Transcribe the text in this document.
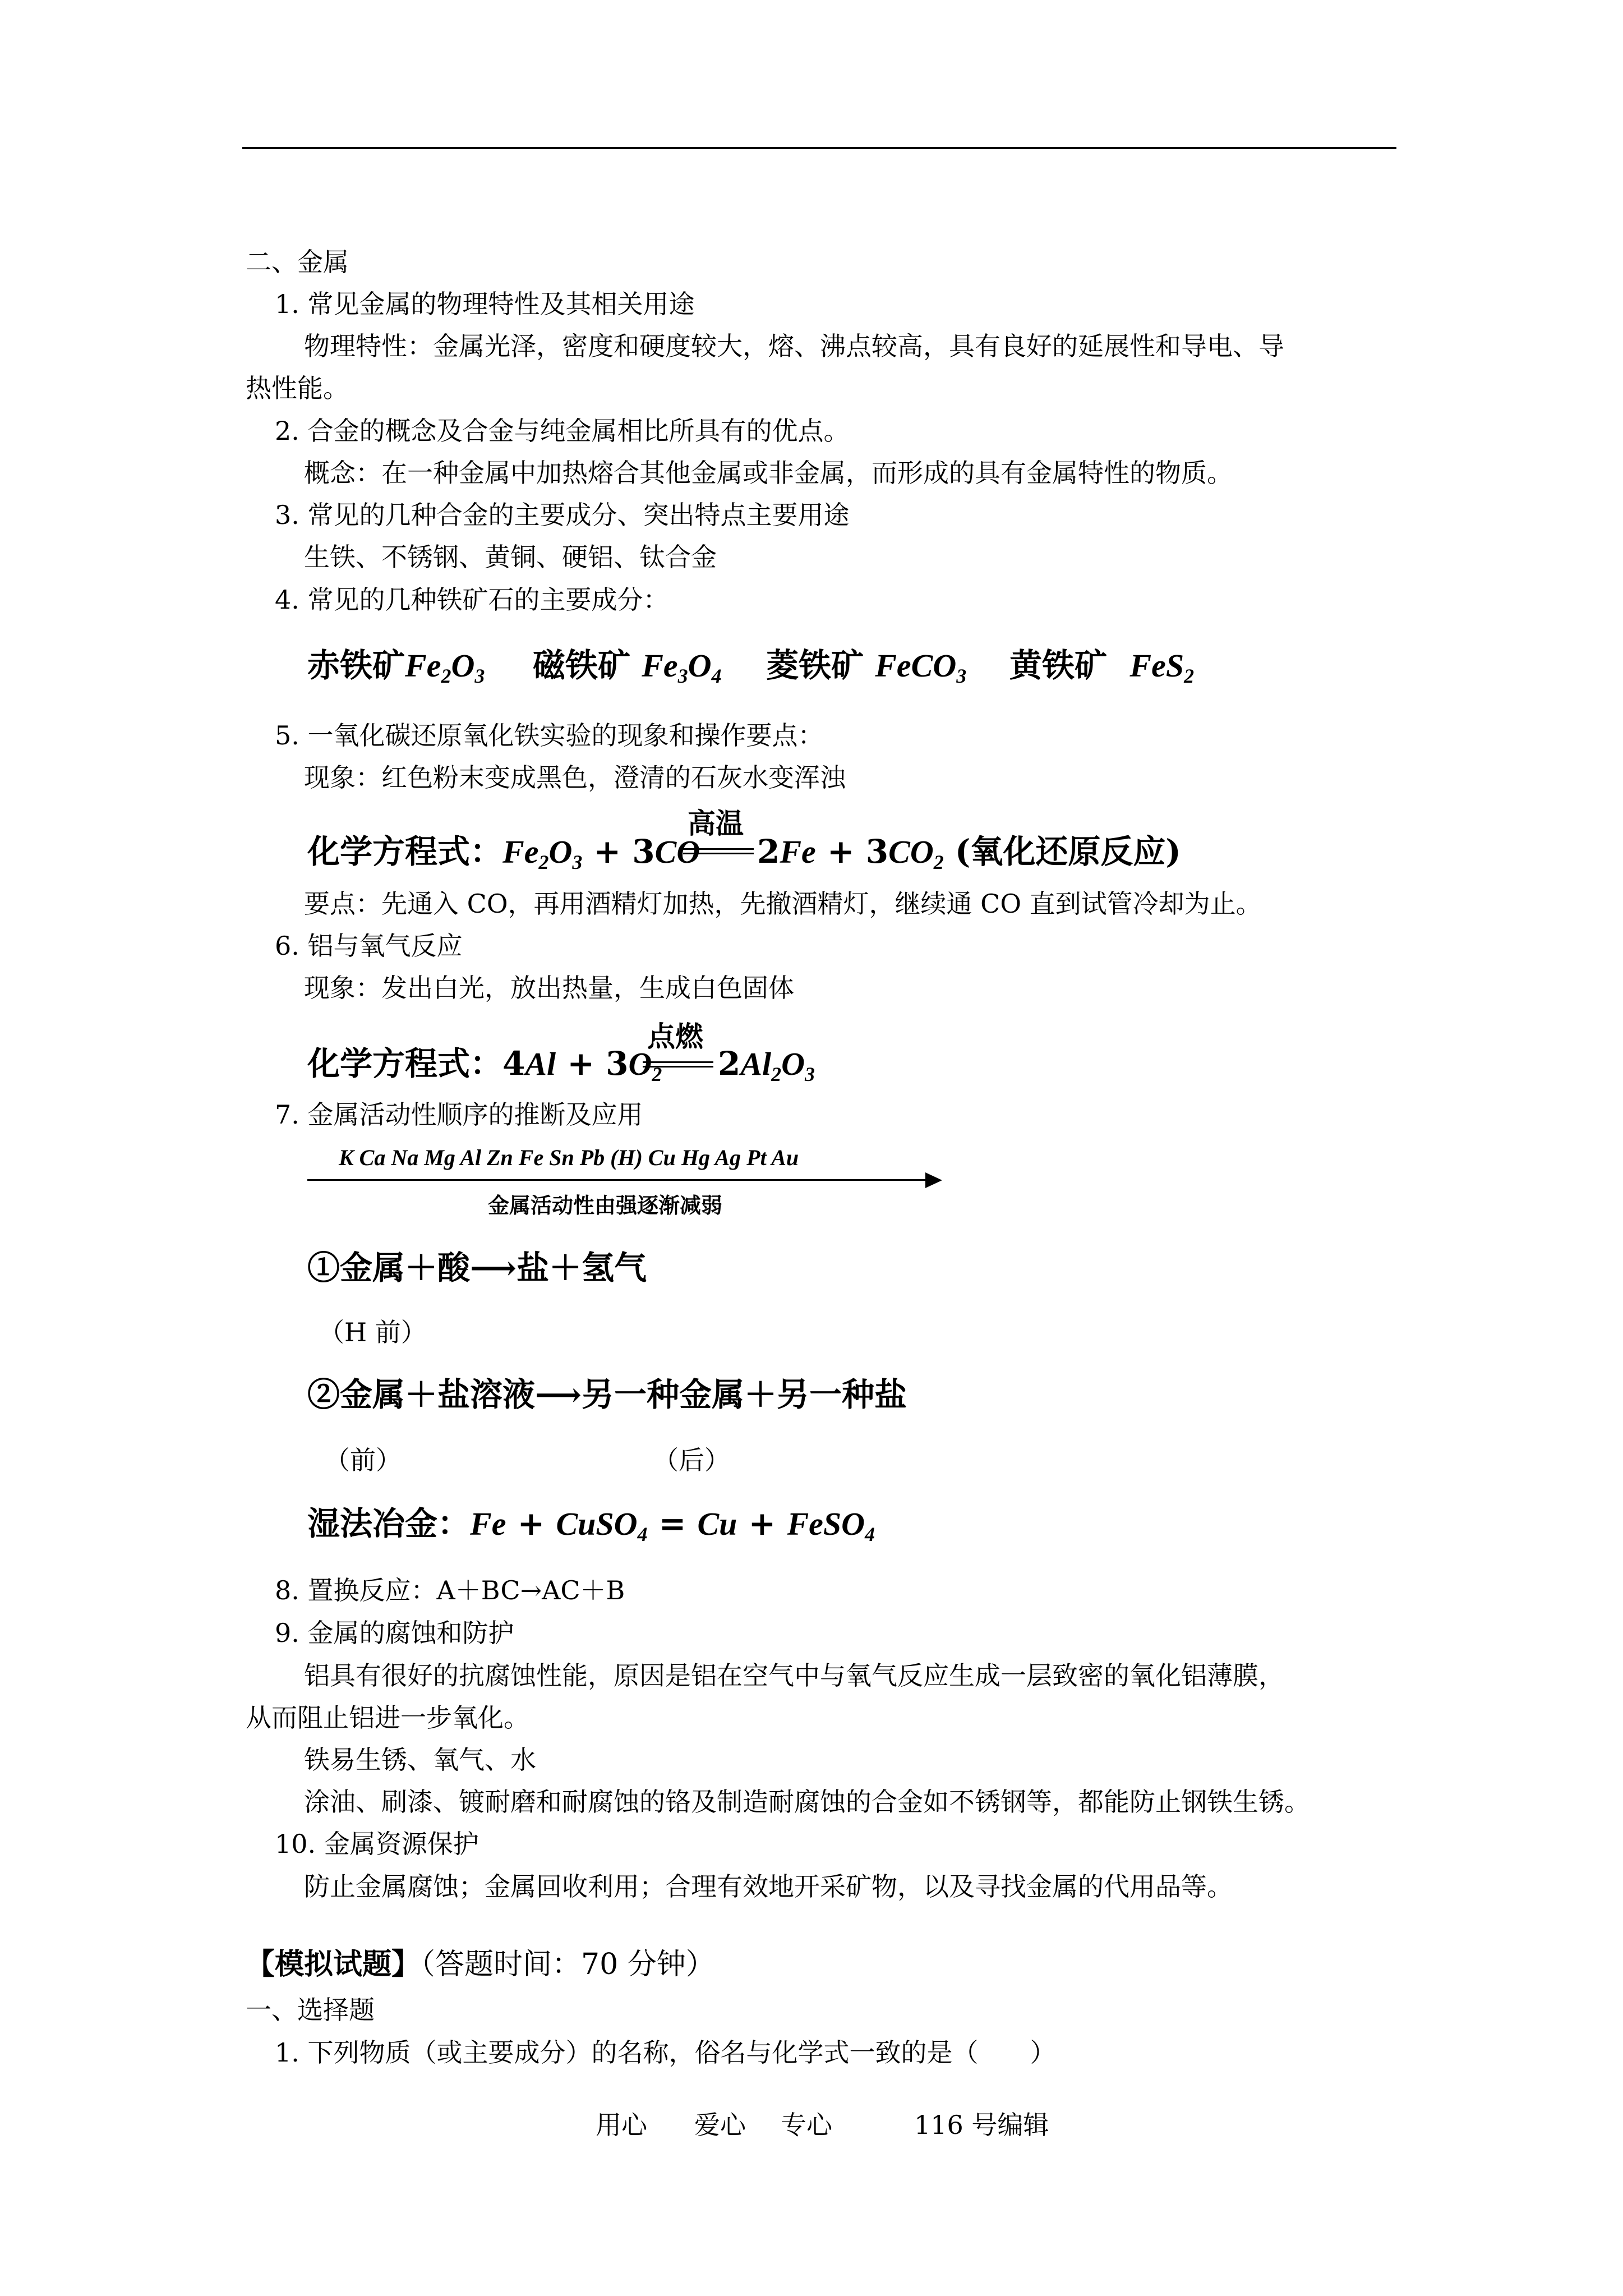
二、金属
1. 常见金属的物理特性及其相关用途
物理特性：金属光泽，密度和硬度较大，熔、沸点较高，具有良好的延展性和导电、导
热性能。
2. 合金的概念及合金与纯金属相比所具有的优点。
概念：在一种金属中加热熔合其他金属或非金属，而形成的具有金属特性的物质。
3. 常见的几种合金的主要成分、突出特点主要用途
生铁、不锈钢、黄铜、硬铝、钛合金
4. 常见的几种铁矿石的主要成分：
赤铁矿Fe2O3 磁铁矿 Fe3O4 菱铁矿 FeCO3 黄铁矿 FeS2
5. 一氧化碳还原氧化铁实验的现象和操作要点：
现象：红色粉末变成黑色，澄清的石灰水变浑浊
高温
化学方程式：Fe2O3 + 3CO 2Fe + 3CO2 (氧化还原反应)
要点：先通入 CO，再用酒精灯加热，先撤酒精灯，继续通 CO 直到试管冷却为止。
6. 铝与氧气反应
现象：发出白光，放出热量，生成白色固体
点燃
化学方程式：4Al + 3O2 2Al2O3
7. 金属活动性顺序的推断及应用
K Ca Na Mg Al Zn Fe Sn Pb (H) Cu Hg Ag Pt Au
金属活动性由强逐渐减弱
①金属＋酸⟶盐＋氢气
（H 前）
②金属＋盐溶液⟶另一种金属＋另一种盐
（前）	（后）
湿法冶金：Fe + CuSO4 = Cu + FeSO4
8. 置换反应：A＋BC→AC＋B
9. 金属的腐蚀和防护
铝具有很好的抗腐蚀性能，原因是铝在空气中与氧气反应生成一层致密的氧化铝薄膜，
从而阻止铝进一步氧化。
铁易生锈、氧气、水
涂油、刷漆、镀耐磨和耐腐蚀的铬及制造耐腐蚀的合金如不锈钢等，都能防止钢铁生锈。
10. 金属资源保护
防止金属腐蚀；金属回收利用；合理有效地开采矿物，以及寻找金属的代用品等。
【模拟试题】（答题时间：70 分钟）
一、选择题
1. 下列物质（或主要成分）的名称，俗名与化学式一致的是（　　）
用心 爱心 专心	116 号编辑
